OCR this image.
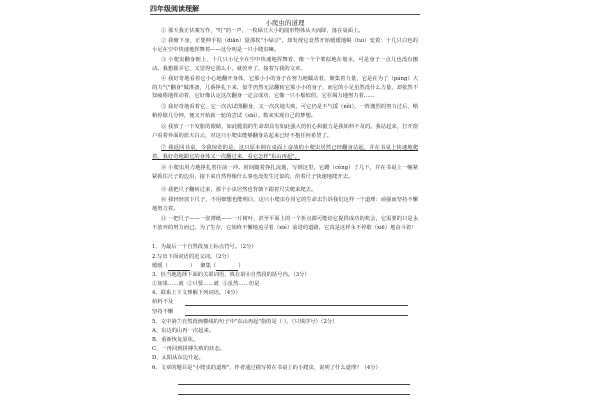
四年级阅读理解
小爬虫的道理
① 那天我正伏案写作，"叮"的一声，一枚绿豆大小的圆形物体从天而降，落在桌面上。
② 我俯下身，正要伸手掂（diān）量那枚"小绿豆"，却发现它竟然开始缓缓地蜕（tuì）变着：十几只白色的小足在空中快速地挥舞着——这分明是一只小爬虫嘛。
③ 小爬虫翻身朝上，十几只小足全在空中快速地挥舞着，像一个个桨似地在划水，可是身子一点儿也没有挪动。我想拨弄它，又觉得它那么小，就放弃了，接着写我的文章。
④ 我好奇地看着它小心地翻开身体，它那小小的身子在努力地蠕动着，聚集着力量，它是在为了（páng）大的力气"翻身"做准备，几番挣扎下来，似乎仍然无法翻转它那小小的身子，而它的小足虽然没什么力量，却依然不知疲倦地挥动着，它好像认定这次翻身一定会成功，它像一只小船似的，它在竭力地努力着……
⑤ 我好奇地看着它，它一次次试图翻身，又一次次地失败，可它仍是不气馁（něi），一阵激烈的努力过后，稍稍停歇几分钟，便又开始新一轮的尝试（shì）。数来实现自己的梦想。
⑥ 我放了一下发胀的眼睛，如此脆弱的生命却具有如此强大的恒心和毅力是我始料不及的。我站起来，打开窗户看着外面的蓝天白云，对这只小爬虫能够翻身站起来已经不抱任何希望了。
⑦ 我返回书桌，令我惊奇的是，这只原本倒在桌面上奋战的小爬虫居然已经翻身站起，并在书桌上快速地爬着，我好奇地跟它的身体又一次翻过来，看它怎样"东山再起"。
⑧ 小爬虫用力地挣扎着往前一冲。时间随着挣扎流逝，写到这里，它蹭（cèng）了几下，并在书桌上一幢紧紧抓住尺子的边沿，接下来自然得像什么事也没发生过似的，沿着尺子快速地爬开去。
⑨ 我把尺子翻转过来，那个小虫居然也背朝下跟着尺尖爬来爬去。
⑩ 我轻轻放下尺子，不用细想也能明白，这只小爬虫在用它的生命去告诉我们这样一个道理：顽强而坚持不懈地努力着。
⑪ 一把尺子——一张薄纸——一片树叶，甚至平面上的一个折点都可能给它提供成功的机会，它需要的只是永不放弃的努力而已。为了生存，它始终不懈地追寻着（xié）前进的道路，它真是这样永不停歇（xiē）地奋斗着！
1、为最后一个自然段加上标点符号。（2分）
2.写出下面词语的近义词。（2分）
缓缓（	） 聚集（	）
3、恰当地选择下面的关联词语，填在第⑧自然段的括号内。（3分）
①如果……就  ②只要……就  ③虽然……但是
4、联系上下文理解下列词语。（4分）
始料不及
坚持不懈
5、文中第⑦自然段画横线的句子中"东山再起"指的是（ ）。（只填序号）（2分）
A、东边的山再一次起来。
B、重新恢复原状。
C、一再回到拼搏失败的状态。
D、太阳从东边升起。
6、文章的题目是"小爬虫的道理"，作者通过描写掉在书桌上的小爬虫，说明了什么道理？（4分）
